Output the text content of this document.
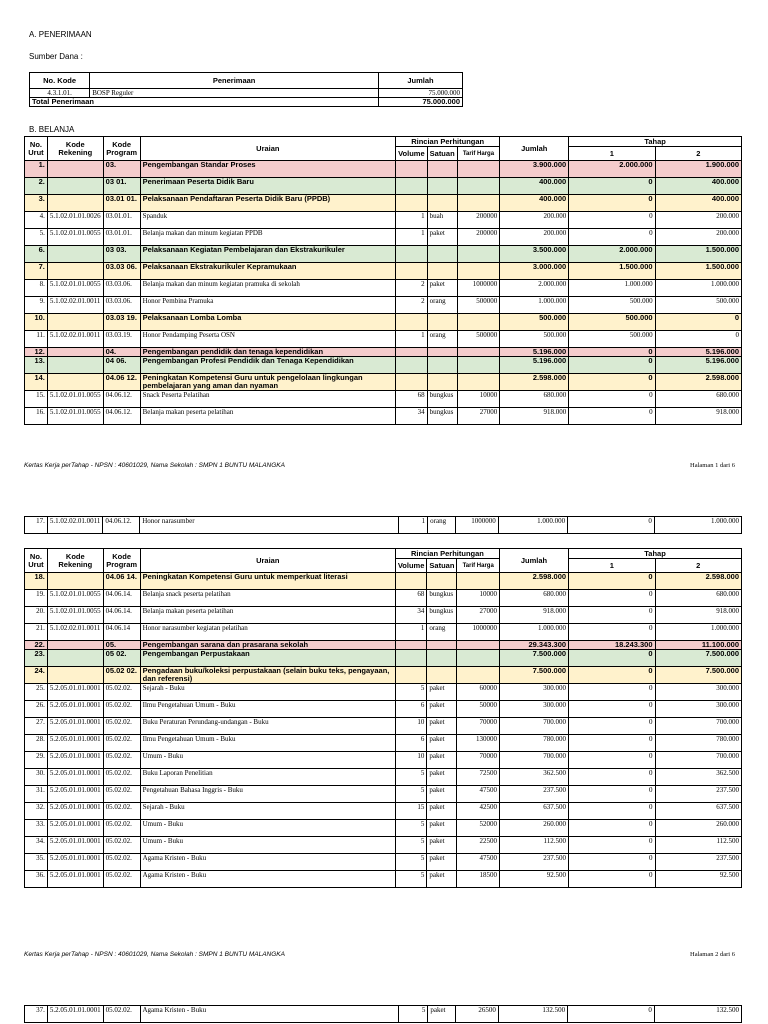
A. PENERIMAAN
Sumber Dana :
No. Kode	Penerimaan	Jumlah
4.3.1.01.	BOSP Reguler	75.000.000
Total Penerimaan		75.000.000
B. BELANJA
No. Urut	Kode Rekening	Kode Program	Uraian	Rincian Perhitungan			Jumlah	Tahap	
				Volume	Satuan	Tarif Harga		1	2
1.		03.	Pengembangan Standar Proses				3.900.000	2.000.000	1.900.000
2.		03 01.	Penerimaan Peserta Didik Baru				400.000	0	400.000
3.		03.01 01.	Pelaksanaan Pendaftaran Peserta Didik Baru (PPDB)				400.000	0	400.000
4.	5.1.02.01.01.0026	03.01.01.	Spanduk	1	buah	200000	200.000	0	200.000
5.	5.1.02.01.01.0055	03.01.01.	Belanja makan dan minum kegiatan PPDB	1	paket	200000	200.000	0	200.000
6.		03 03.	Pelaksanaan Kegiatan Pembelajaran dan Ekstrakurikuler				3.500.000	2.000.000	1.500.000
7.		03.03 06.	Pelaksanaan Ekstrakurikuler Kepramukaan				3.000.000	1.500.000	1.500.000
8.	5.1.02.01.01.0055	03.03.06.	Belanja makan dan minum kegiatan pramuka di sekolah	2	paket	1000000	2.000.000	1.000.000	1.000.000
9.	5.1.02.02.01.0011	03.03.06.	Honor Pembina Pramuka	2	orang	500000	1.000.000	500.000	500.000
10.		03.03 19.	Pelaksanaan Lomba Lomba				500.000	500.000	0
11.	5.1.02.02.01.0011	03.03.19.	Honor Pendamping Peserta OSN	1	orang	500000	500.000	500.000	0
12.		04.	Pengembangan pendidik dan tenaga kependidikan				5.196.000	0	5.196.000
13.		04 06.	Pengembangan Profesi Pendidik dan Tenaga Kependidikan				5.196.000	0	5.196.000
14.		04.06 12.	Peningkatan Kompetensi Guru untuk pengelolaan lingkungan pembelajaran yang aman dan nyaman				2.598.000	0	2.598.000
15.	5.1.02.01.01.0055	04.06.12.	Snack Peserta Pelatihan	68	bungkus	10000	680.000	0	680.000
16.	5.1.02.01.01.0055	04.06.12.	Belanja makan peserta pelatihan	34	bungkus	27000	918.000	0	918.000
Kertas Kerja perTahap - NPSN : 40601029, Nama Sekolah : SMPN 1 BUNTU MALANGKA	Halaman 1 dari 6
17.	5.1.02.02.01.0011	04.06.12.	Honor narasumber	1	orang	1000000	1.000.000	0	1.000.000
No. Urut	Kode Rekening	Kode Program	Uraian	Rincian Perhitungan			Jumlah	Tahap	
				Volume	Satuan	Tarif Harga		1	2
18.		04.06 14.	Peningkatan Kompetensi Guru untuk memperkuat literasi				2.598.000	0	2.598.000
19.	5.1.02.01.01.0055	04.06.14.	Belanja snack peserta pelatihan	68	bungkus	10000	680.000	0	680.000
20.	5.1.02.01.01.0055	04.06.14.	Belanja makan peserta pelatihan	34	bungkus	27000	918.000	0	918.000
21.	5.1.02.02.01.0011	04.06.14	Honor narasumber kegiatan pelatihan	1	orang	1000000	1.000.000	0	1.000.000
22.		05.	Pengembangan sarana dan prasarana sekolah				29.343.300	18.243.300	11.100.000
23.		05 02.	Pengembangan Perpustakaan				7.500.000	0	7.500.000
24.		05.02 02.	Pengadaan buku/koleksi perpustakaan (selain buku teks, pengayaan, dan referensi)				7.500.000	0	7.500.000
25.	5.2.05.01.01.0001	05.02.02.	Sejarah - Buku	5	paket	60000	300.000	0	300.000
26.	5.2.05.01.01.0001	05.02.02.	Ilmu Pengetahuan Umum - Buku	6	paket	50000	300.000	0	300.000
27.	5.2.05.01.01.0001	05.02.02.	Buku Peraturan Perundang-undangan - Buku	10	paket	70000	700.000	0	700.000
28.	5.2.05.01.01.0001	05.02.02.	Ilmu Pengetahuan Umum - Buku	6	paket	130000	780.000	0	780.000
29.	5.2.05.01.01.0001	05.02.02.	Umum - Buku	10	paket	70000	700.000	0	700.000
30.	5.2.05.01.01.0001	05.02.02.	Buku Laporan Penelitian	5	paket	72500	362.500	0	362.500
31.	5.2.05.01.01.0001	05.02.02.	Pengetahuan Bahasa Inggris - Buku	5	paket	47500	237.500	0	237.500
32.	5.2.05.01.01.0001	05.02.02.	Sejarah - Buku	15	paket	42500	637.500	0	637.500
33.	5.2.05.01.01.0001	05.02.02.	Umum - Buku	5	paket	52000	260.000	0	260.000
34.	5.2.05.01.01.0001	05.02.02.	Umum - Buku	5	paket	22500	112.500	0	112.500
35.	5.2.05.01.01.0001	05.02.02.	Agama Kristen - Buku	5	paket	47500	237.500	0	237.500
36.	5.2.05.01.01.0001	05.02.02.	Agama Kristen - Buku	5	paket	18500	92.500	0	92.500
Kertas Kerja perTahap - NPSN : 40601029, Nama Sekolah : SMPN 1 BUNTU MALANGKA	Halaman 2 dari 6
37.	5.2.05.01.01.0001	05.02.02.	Agama Kristen - Buku	5	paket	26500	132.500	0	132.500
